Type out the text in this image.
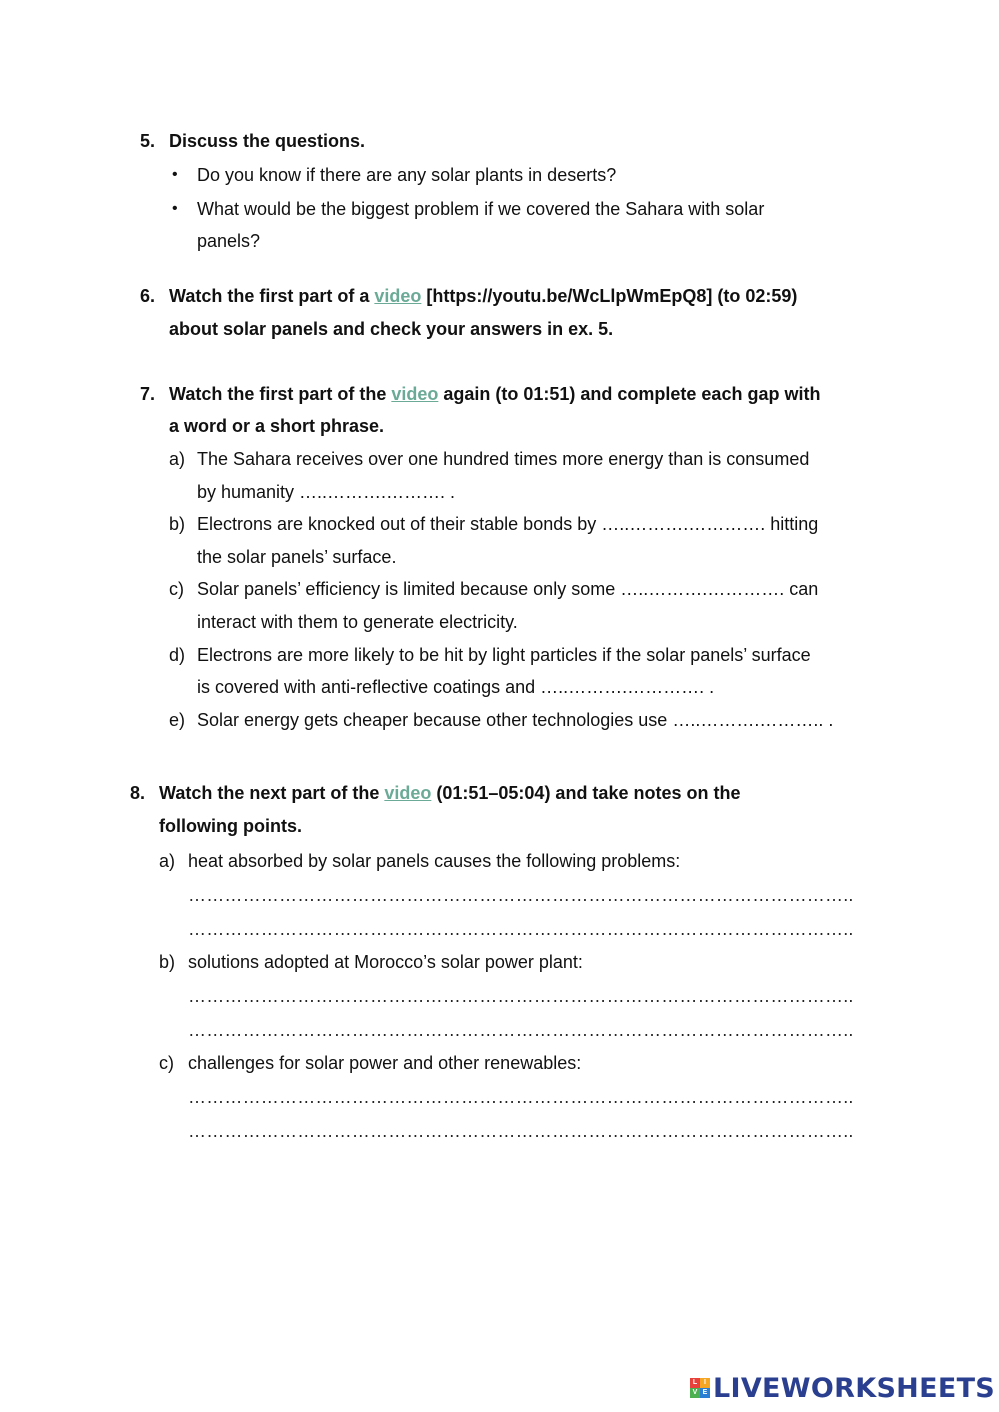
5. Discuss the questions.
• Do you know if there are any solar plants in deserts?
• What would be the biggest problem if we covered the Sahara with solar
panels?
6. Watch the first part of a video [https://youtu.be/WcLlpWmEpQ8] (to 02:59)
about solar panels and check your answers in ex. 5.
7. Watch the first part of the video again (to 01:51) and complete each gap with
a word or a short phrase.
a) The Sahara receives over one hundred times more energy than is consumed
by humanity …..……….………. .
b) Electrons are knocked out of their stable bonds by …..……….…………. hitting
the solar panels’ surface.
c) Solar panels’ efficiency is limited because only some …..……….…………. can
interact with them to generate electricity.
d) Electrons are more likely to be hit by light particles if the solar panels’ surface
is covered with anti-reflective coatings and …..……….…………. .
e) Solar energy gets cheaper because other technologies use …..……….……….. .
8. Watch the next part of the video (01:51–05:04) and take notes on the
following points.
a) heat absorbed by solar panels causes the following problems:
………………………………………………………………………………………………..
………………………………………………………………………………………………..
b) solutions adopted at Morocco’s solar power plant:
………………………………………………………………………………………………..
………………………………………………………………………………………………..
c) challenges for solar power and other renewables:
………………………………………………………………………………………………..
………………………………………………………………………………………………..
L I
V E LIVEWORKSHEETS
